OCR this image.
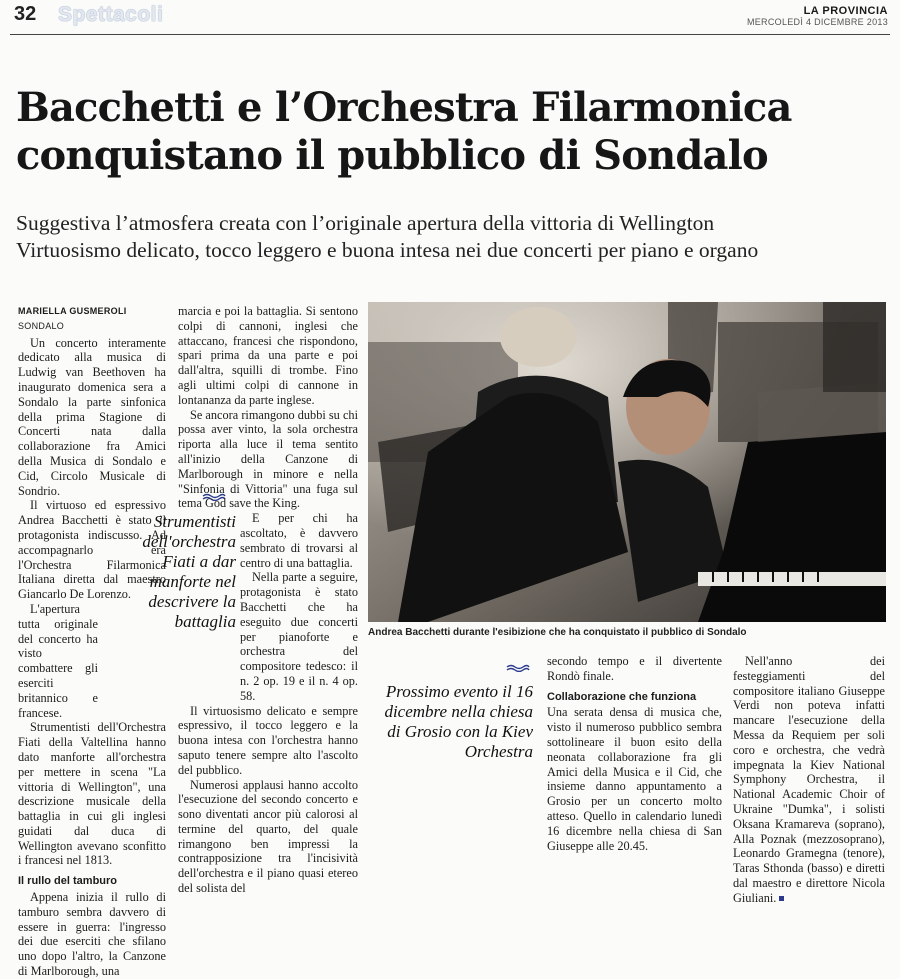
32 Spettacoli	LA PROVINCIA
MERCOLEDÌ 4 DICEMBRE 2013
Bacchetti e l’Orchestra Filarmonica
conquistano il pubblico di Sondalo
Suggestiva l’atmosfera creata con l’originale apertura della vittoria di Wellington
Virtuosismo delicato, tocco leggero e buona intesa nei due concerti per piano e organo
MARIELLA GUSMEROLI
SONDALO

Un concerto interamente dedicato alla musica di Ludwig van Beethoven ha inaugurato domenica sera a Sondalo la parte sinfonica della prima Stagione di Concerti nata dalla collaborazione fra Amici della Musica di Sondalo e Cid, Circolo Musicale di Sondrio.

Il virtuoso ed espressivo Andrea Bacchetti è stato il protagonista indiscusso. Ad accompagnarlo era l'Orchestra Filarmonica Italiana diretta dal maestro Giancarlo De Lorenzo.

L'apertura tutta originale del concerto ha visto combattere gli eserciti britannico e francese.

Strumentisti dell'Orchestra Fiati della Valtellina hanno dato manforte all'orchestra per mettere in scena "La vittoria di Wellington", una descrizione musicale della battaglia in cui gli inglesi guidati dal duca di Wellington avevano sconfitto i francesi nel 1813.

Il rullo del tamburo

Appena inizia il rullo di tamburo sembra davvero di essere in guerra: l'ingresso dei due eserciti che sfilano uno dopo l'altro, la Canzone di Marlborough, una

Strumentisti dell'orchestra Fiati a dar manforte nel descrivere la battaglia

marcia e poi la battaglia. Si sentono colpi di cannoni, inglesi che attaccano, francesi che rispondono, spari prima da una parte e poi dall'altra, squilli di trombe. Fino agli ultimi colpi di cannone in lontananza da parte inglese.

Se ancora rimangono dubbi su chi possa aver vinto, la sola orchestra riporta alla luce il tema sentito all'inizio della Canzone di Marlborough in minore e nella "Sinfonia di Vittoria" una fuga sul tema God save the King.

E per chi ha ascoltato, è davvero sembrato di trovarsi al centro di una battaglia.

Nella parte a seguire, protagonista è stato Bacchetti che ha eseguito due concerti per pianoforte e orchestra del compositore tedesco: il n. 2 op. 19 e il n. 4 op. 58.

Il virtuosismo delicato e sempre espressivo, il tocco leggero e la buona intesa con l'orchestra hanno saputo tenere sempre alto l'ascolto del pubblico.

Numerosi applausi hanno accolto l'esecuzione del secondo concerto e sono diventati ancor più calorosi al termine del quarto, del quale rimangono ben impressi la contrapposizione tra l'incisività dell'orchestra e il piano quasi etereo del solista del

Andrea Bacchetti durante l'esibizione che ha conquistato il pubblico di Sondalo
Prossimo evento il 16 dicembre nella chiesa di Grosio con la Kiev Orchestra

secondo tempo e il divertente Rondò finale.

Collaborazione che funziona

Una serata densa di musica che, visto il numeroso pubblico sembra sottolineare il buon esito della neonata collaborazione fra gli Amici della Musica e il Cid, che insieme danno appuntamento a Grosio per un concerto molto atteso. Quello in calendario lunedì 16 dicembre nella chiesa di San Giuseppe alle 20.45.

Nell'anno dei festeggiamenti del compositore italiano Giuseppe Verdi non poteva infatti mancare l'esecuzione della Messa da Requiem per soli coro e orchestra, che vedrà impegnata la Kiev National Symphony Orchestra, il National Academic Choir of Ukraine "Dumka", i solisti Oksana Kramareva (soprano), Alla Poznak (mezzosoprano), Leonardo Gramegna (tenore), Taras Sthonda (basso) e diretti dal maestro e direttore Nicola Giuliani.
